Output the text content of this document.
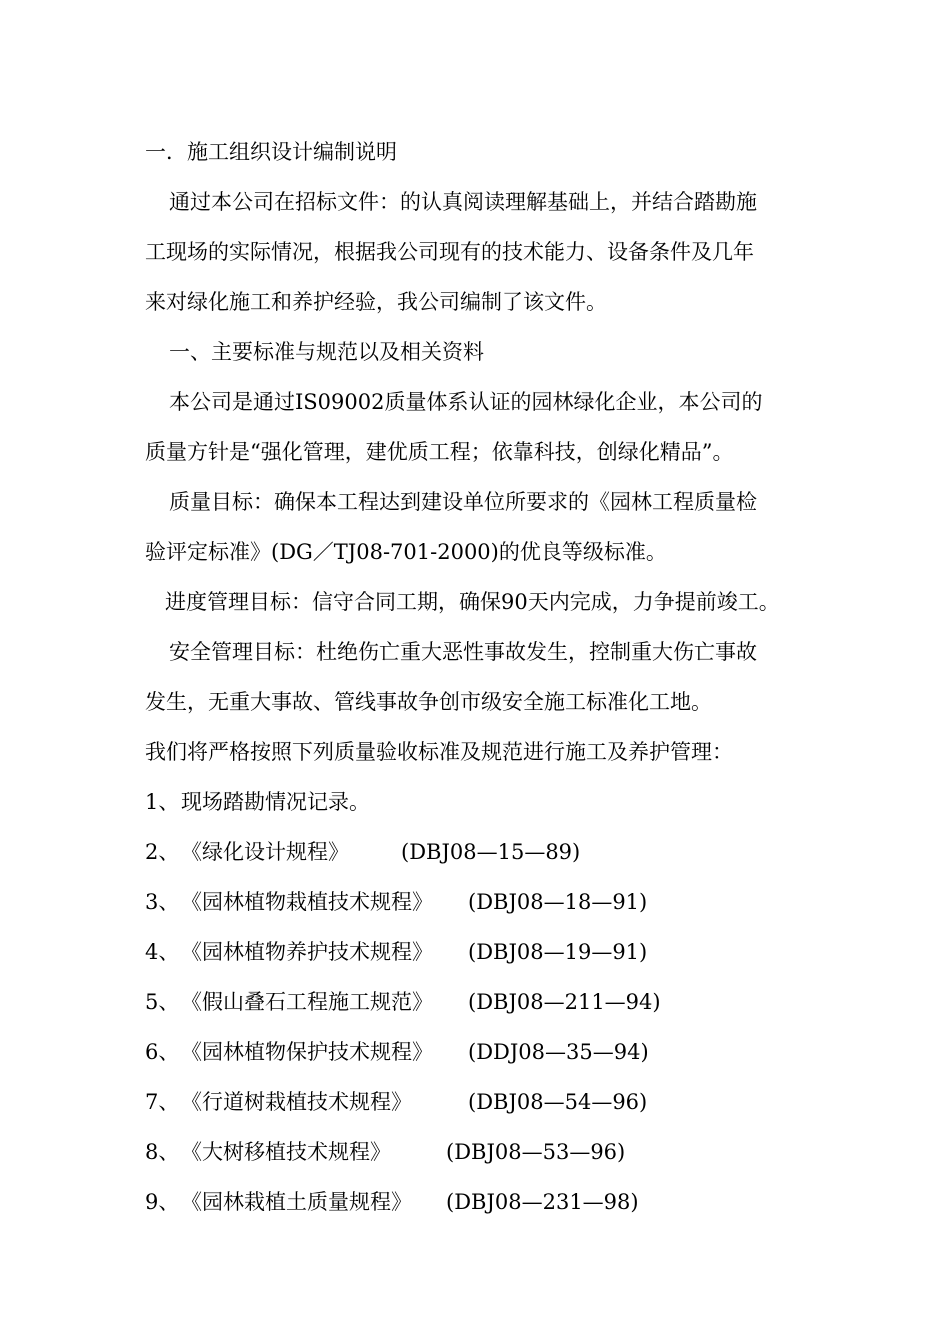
一．施工组织设计编制说明
通过本公司在招标文件：的认真阅读理解基础上，并结合踏勘施
工现场的实际情况，根据我公司现有的技术能力、设备条件及几年
来对绿化施工和养护经验，我公司编制了该文件。
一、主要标准与规范以及相关资料
本公司是通过IS09002质量体系认证的园林绿化企业，本公司的
质量方针是“强化管理，建优质工程；依靠科技，创绿化精品”。
质量目标：确保本工程达到建设单位所要求的《园林工程质量检
验评定标准》(DG／TJ08-701-2000)的优良等级标准。
进度管理目标：信守合同工期，确保90天内完成，力争提前竣工。
安全管理目标：杜绝伤亡重大恶性事故发生，控制重大伤亡事故
发生，无重大事故、管线事故争创市级安全施工标准化工地。
我们将严格按照下列质量验收标准及规范进行施工及养护管理：
1、 现场踏勘情况记录。
2、 《绿化设计规程》	(DBJ08—15—89)
3、 《园林植物栽植技术规程》	(DBJ08—18—91)
4、 《园林植物养护技术规程》	(DBJ08—19—91)
5、 《假山叠石工程施工规范》	(DBJ08—211—94)
6、 《园林植物保护技术规程》	(DDJ08—35—94)
7、 《行道树栽植技术规程》	(DBJ08—54—96)
8、 《大树移植技术规程》	(DBJ08—53—96)
9、 《园林栽植土质量规程》	(DBJ08—231—98)
